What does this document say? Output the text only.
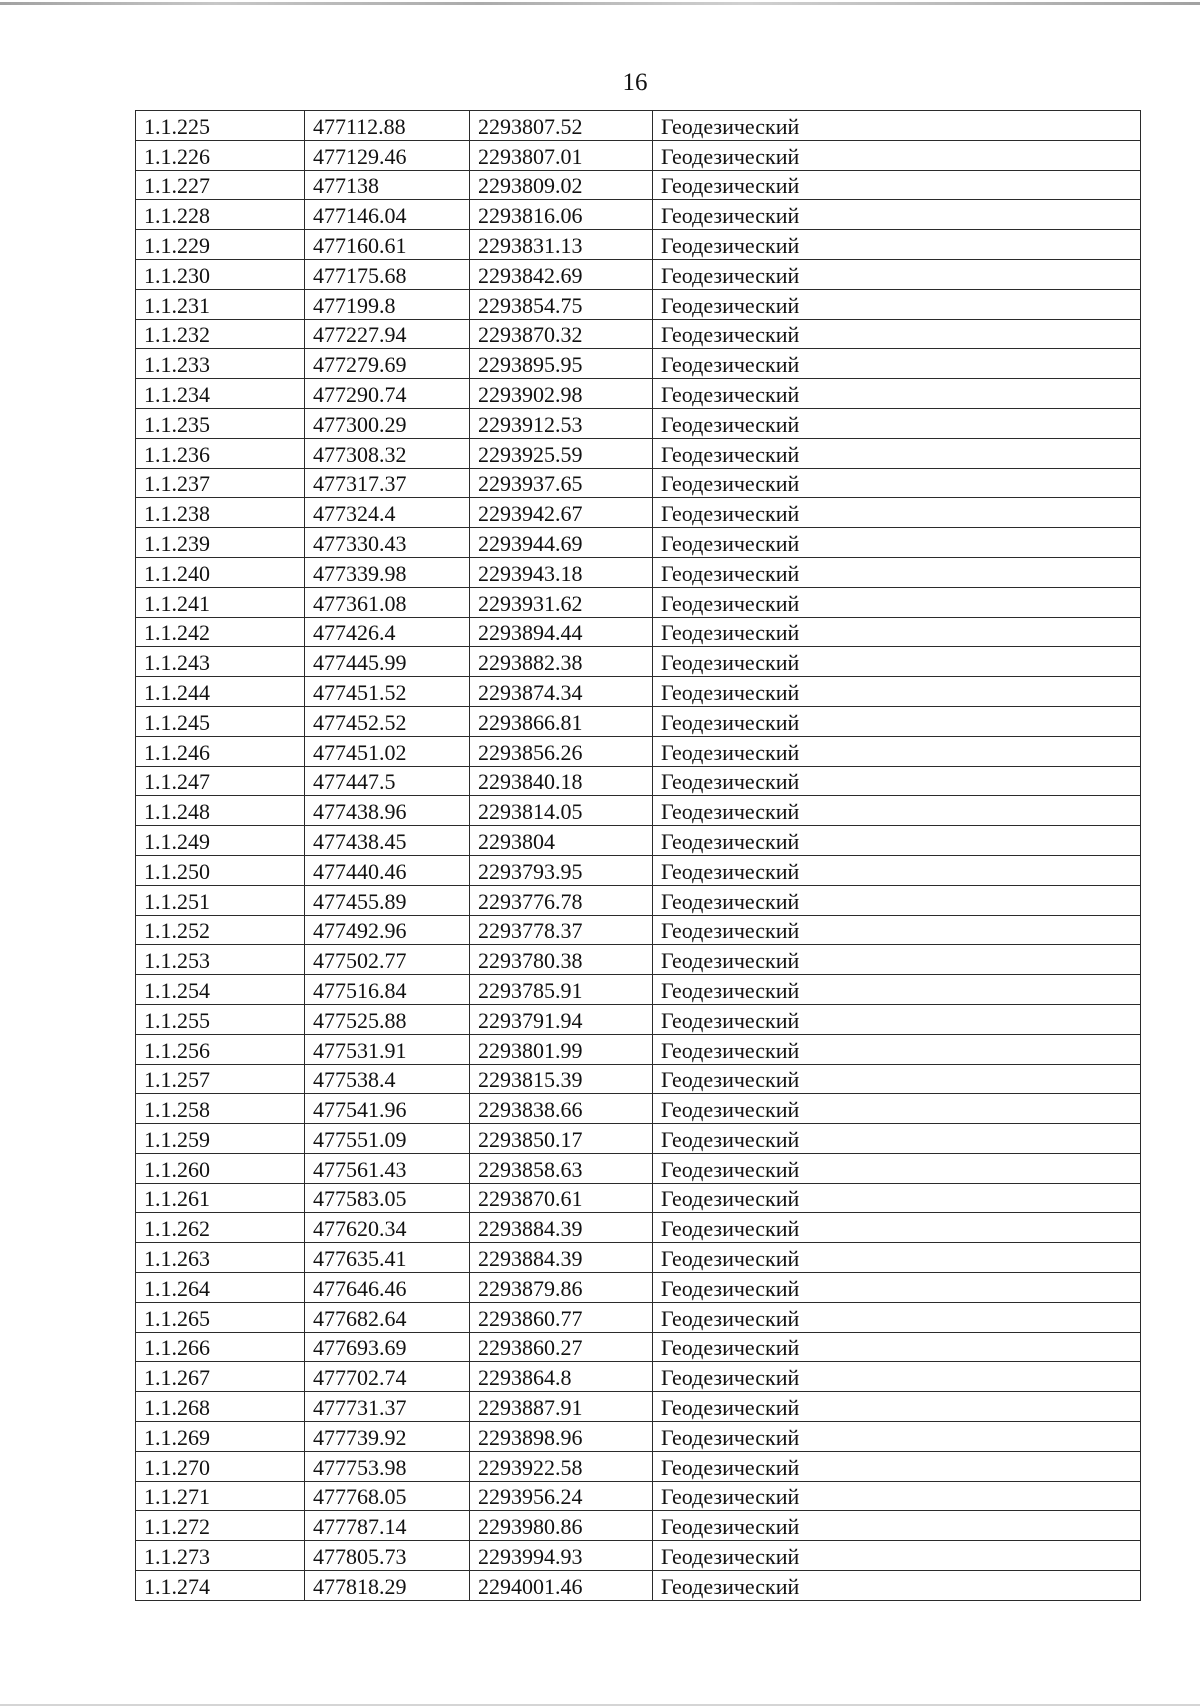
16
1.1.225	477112.88	2293807.52	Геодезический
1.1.226	477129.46	2293807.01	Геодезический
1.1.227	477138	2293809.02	Геодезический
1.1.228	477146.04	2293816.06	Геодезический
1.1.229	477160.61	2293831.13	Геодезический
1.1.230	477175.68	2293842.69	Геодезический
1.1.231	477199.8	2293854.75	Геодезический
1.1.232	477227.94	2293870.32	Геодезический
1.1.233	477279.69	2293895.95	Геодезический
1.1.234	477290.74	2293902.98	Геодезический
1.1.235	477300.29	2293912.53	Геодезический
1.1.236	477308.32	2293925.59	Геодезический
1.1.237	477317.37	2293937.65	Геодезический
1.1.238	477324.4	2293942.67	Геодезический
1.1.239	477330.43	2293944.69	Геодезический
1.1.240	477339.98	2293943.18	Геодезический
1.1.241	477361.08	2293931.62	Геодезический
1.1.242	477426.4	2293894.44	Геодезический
1.1.243	477445.99	2293882.38	Геодезический
1.1.244	477451.52	2293874.34	Геодезический
1.1.245	477452.52	2293866.81	Геодезический
1.1.246	477451.02	2293856.26	Геодезический
1.1.247	477447.5	2293840.18	Геодезический
1.1.248	477438.96	2293814.05	Геодезический
1.1.249	477438.45	2293804	Геодезический
1.1.250	477440.46	2293793.95	Геодезический
1.1.251	477455.89	2293776.78	Геодезический
1.1.252	477492.96	2293778.37	Геодезический
1.1.253	477502.77	2293780.38	Геодезический
1.1.254	477516.84	2293785.91	Геодезический
1.1.255	477525.88	2293791.94	Геодезический
1.1.256	477531.91	2293801.99	Геодезический
1.1.257	477538.4	2293815.39	Геодезический
1.1.258	477541.96	2293838.66	Геодезический
1.1.259	477551.09	2293850.17	Геодезический
1.1.260	477561.43	2293858.63	Геодезический
1.1.261	477583.05	2293870.61	Геодезический
1.1.262	477620.34	2293884.39	Геодезический
1.1.263	477635.41	2293884.39	Геодезический
1.1.264	477646.46	2293879.86	Геодезический
1.1.265	477682.64	2293860.77	Геодезический
1.1.266	477693.69	2293860.27	Геодезический
1.1.267	477702.74	2293864.8	Геодезический
1.1.268	477731.37	2293887.91	Геодезический
1.1.269	477739.92	2293898.96	Геодезический
1.1.270	477753.98	2293922.58	Геодезический
1.1.271	477768.05	2293956.24	Геодезический
1.1.272	477787.14	2293980.86	Геодезический
1.1.273	477805.73	2293994.93	Геодезический
1.1.274	477818.29	2294001.46	Геодезический
